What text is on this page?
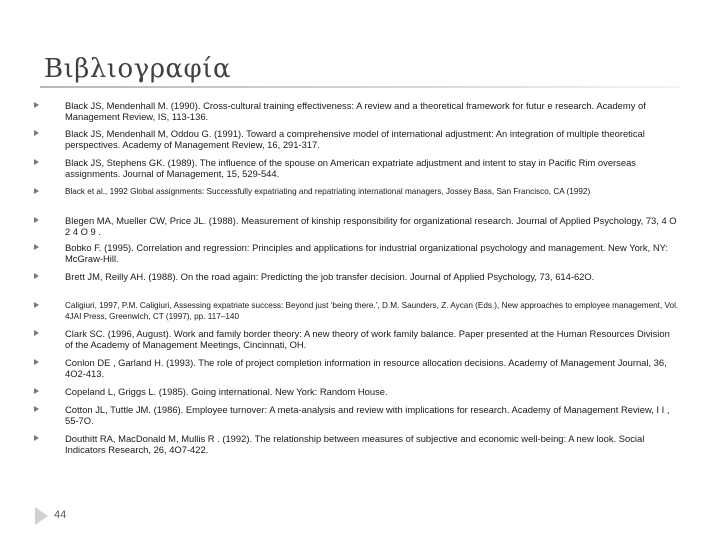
Βιβλιογραφία
Black JS, Mendenhall M. (1990). Cross-cultural training effectiveness: A review and a theoretical framework for futur e research. Academy of Management Review, IS, 113-136.
Black JS, Mendenhall M, Oddou G. (1991). Toward a comprehensive model of international adjustment: An integration of multiple theoretical perspectives. Academy of Management Review, 16, 291-317.
Black JS, Stephens GK. (1989). The influence of the spouse on American expatriate adjustment and intent to stay in Pacific Rim overseas assignments. Journal of Management, 15, 529-544.
Black et al., 1992 Global assignments: Successfully expatriating and repatriating international managers, Jossey Bass, San Francisco, CA (1992)
Blegen MA, Mueller CW, Price JL. (1988). Measurement of kinship responsibility for organizational research. Journal of Applied Psychology, 73, 4 O 2 4 O 9 .
Bobko F. (1995). Correlation and regression: Principles and applications for industrial organizational psychology and management. New York, NY: McGraw-Hill.
Brett JM, Reilly AH. (1988). On the road again: Predicting the job transfer decision. Journal of Applied Psychology, 73, 614-62O.
Caligiuri, 1997, P.M. Caligiuri, Assessing expatriate success: Beyond just ‘being there.’, D.M. Saunders, Z. Aycan (Eds.), New approaches to employee management, Vol. 4JAI Press, Greenwich, CT (1997), pp. 117–140
Clark SC. (1996, August). Work and family border theory: A new theory of work family balance. Paper presented at the Human Resources Division of the Academy of Management Meetings, Cincinnati, OH.
Conlon DE , Garland H. (1993). The role of project completion information in resource allocation decisions. Academy of Management Journal, 36, 4O2-413.
Copeland L, Griggs L. (1985). Going international. New York: Random House.
Cotton JL, Tuttle JM. (1986). Employee turnover: A meta-analysis and review with implications for research. Academy of Management Review, I I , 55-7O.
Douthitt RA, MacDonald M, Mullis R . (1992). The relationship between measures of subjective and economic well-being: A new look. Social Indicators Research, 26, 4O7-422.
44
